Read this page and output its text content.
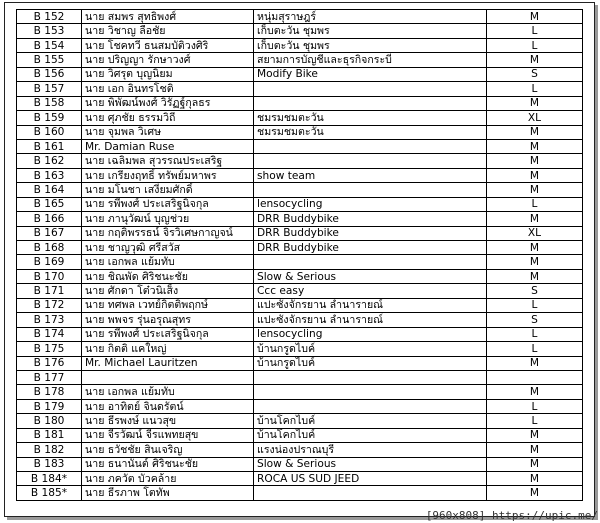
B 152	นาย สมพร สุทธิพงศ์	หนุ่มสุราษฎร์	M
B 153	นาย วิชาญ ลือชัย	เก็บตะวัน ชุมพร	L
B 154	นาย โชคทวี ธนสมบัติวงศิริ	เก็บตะวัน ชุมพร	L
B 155	นาย ปริญญา รักษาวงศ์	สยามการบัญชีและธุรกิจกระบี่	M
B 156	นาย วิศรุต บุญนิยม	Modify Bike	S
B 157	นาย เอก อินทรโชติ		L
B 158	นาย พิพัฒน์พงศ์ วิรัฏฐ์กุลธร		M
B 159	นาย ศุภชัย ธรรมวิถี	ชมรมชมตะวัน	XL
B 160	นาย จุมพล วิเศษ	ชมรมชมตะวัน	M
B 161	Mr. Damian Ruse		M
B 162	นาย เฉลิมพล สุวรรณประเสริฐ		M
B 163	นาย เกรียงฤทธิ์ ทรัพย์มหาพร	show team	M
B 164	นาย มโนชา เสงี่ยมศักดิ์		M
B 165	นาย รพีพงศ์ ประเสริฐนิจกุล	lensocycling	L
B 166	นาย ภานุวัฒน์ บุญช่วย	DRR Buddybike	M
B 167	นาย กฤติพรรธน์ จิรวิเศษกาญจน์	DRR Buddybike	XL
B 168	นาย ชาญวุฒิ ศรีสวัส	DRR Buddybike	M
B 169	นาย เอกพล แย้มทับ		M
B 170	นาย ชิณพัด ศิริชนะชัย	Slow & Serious	M
B 171	นาย ศักดา โต๋วนิเส็ง	Ccc easy	S
B 172	นาย ทศพล เวทย์กิตติพฤกษ์	แปะซังจักรยาน ลำนารายณ์	L
B 173	นาย พพจร รุ่นอรุณสุทร	แปะซังจักรยาน ลำนารายณ์	S
B 174	นาย รพีพงศ์ ประเสริฐนิจกุล	lensocycling	L
B 175	นาย กิตติ แคใหญ่	บ้านกรูดไบค์	L
B 176	Mr. Michael Lauritzen	บ้านกรูดไบค์	M
B 177			
B 178	นาย เอกพล แย้มทับ		M
B 179	นาย อาทิตย์ จินดรัตน์		L
B 180	นาย ธีรพงษ์ แนวสุข	บ้านโคกไบค์	L
B 181	นาย จีรวัฒน์ จีรแพทยสุข	บ้านโคกไบค์	M
B 182	นาย ธวัชชัย สินเจริญ	แรงน่องปราณบุรี	M
B 183	นาย ธนานันต์ ศิริชนะชัย	Slow & Serious	M
B 184*	นาย ภควัต บัวคล้าย	ROCA US SUD JEED	M
B 185*	นาย ธีรภาพ โตทัพ		M
[960x808] https://upic.me/
